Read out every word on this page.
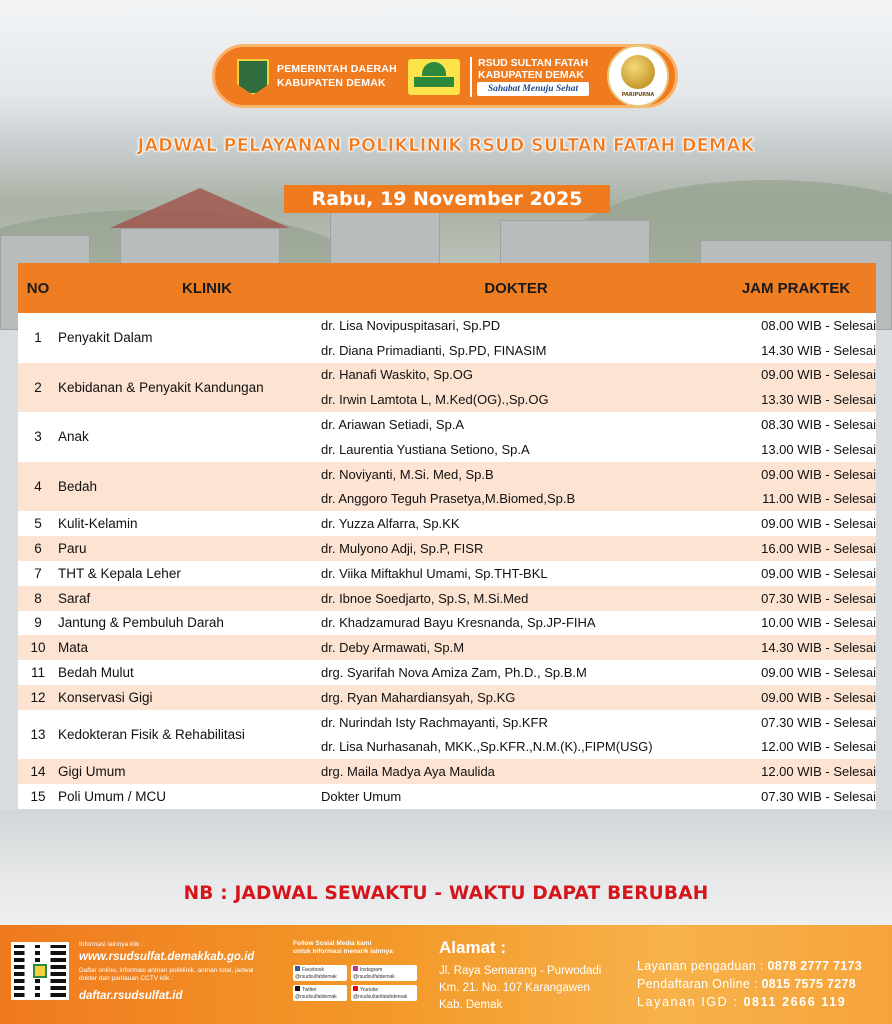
PEMERINTAH DAERAH
KABUPATEN DEMAK
RSUD SULTAN FATAH
KABUPATEN DEMAK
Sahabat Menuju Sehat
PARIPURNA
JADWAL PELAYANAN POLIKLINIK RSUD SULTAN FATAH DEMAK
Rabu, 19 November 2025
NO	KLINIK	DOKTER	JAM PRAKTEK
1	Penyakit Dalam
dr. Lisa Novipuspitasari, Sp.PD	08.00 WIB - Selesai
dr. Diana Primadianti, Sp.PD, FINASIM	14.30 WIB - Selesai
2	Kebidanan & Penyakit Kandungan
dr. Hanafi Waskito, Sp.OG	09.00 WIB - Selesai
dr. Irwin Lamtota L, M.Ked(OG).,Sp.OG	13.30 WIB - Selesai
3	Anak
dr. Ariawan Setiadi, Sp.A	08.30 WIB - Selesai
dr. Laurentia Yustiana Setiono, Sp.A	13.00 WIB - Selesai
4	Bedah
dr. Noviyanti, M.Si. Med, Sp.B	09.00 WIB - Selesai
dr. Anggoro Teguh Prasetya,M.Biomed,Sp.B	11.00 WIB - Selesai
5	Kulit-Kelamin	dr. Yuzza Alfarra, Sp.KK	09.00 WIB - Selesai
6	Paru	dr. Mulyono Adji, Sp.P, FISR	16.00 WIB - Selesai
7	THT & Kepala Leher	dr. Viika Miftakhul Umami, Sp.THT-BKL	09.00 WIB - Selesai
8	Saraf	dr. Ibnoe Soedjarto, Sp.S, M.Si.Med	07.30 WIB - Selesai
9	Jantung & Pembuluh Darah	dr. Khadzamurad Bayu Kresnanda, Sp.JP-FIHA	10.00 WIB - Selesai
10 Mata	dr. Deby Armawati, Sp.M	14.30 WIB - Selesai
11 Bedah Mulut	drg. Syarifah Nova Amiza Zam, Ph.D., Sp.B.M	09.00 WIB - Selesai
12 Konservasi Gigi	drg. Ryan Mahardiansyah, Sp.KG	09.00 WIB - Selesai
13 Kedokteran Fisik & Rehabilitasi
dr. Nurindah Isty Rachmayanti, Sp.KFR	07.30 WIB - Selesai
dr. Lisa Nurhasanah, MKK.,Sp.KFR.,N.M.(K).,FIPM(USG)	12.00 WIB - Selesai
14 Gigi Umum	drg. Maila Madya Aya Maulida	12.00 WIB - Selesai
15 Poli Umum / MCU	Dokter Umum	07.30 WIB - Selesai
NB : JADWAL SEWAKTU - WAKTU DAPAT BERUBAH
Informasi lainnya klik :
www.rsudsulfat.demakkab.go.id
Daftar online, informasi antrian poliklinik, antrian total, jadwal dokter dan pantauan CCTV klik :
daftar.rsudsulfat.id
Follow Sosial Media kami
untuk informasi menarik lainnya
Facebook
@rsudsulfatdemak
Instagram
@rsudsulfatdemak
Twitter
@rsudsulfatdemak
Youtube
@rsudsultanfatahdemak
Alamat :
Jl. Raya Semarang - Purwodadi
Km. 21. No. 107 Karangawen
Kab. Demak
Layanan pengaduan : 0878 2777 7173
Pendaftaran Online : 0815 7575 7278
Layanan IGD : 0811 2666 119
